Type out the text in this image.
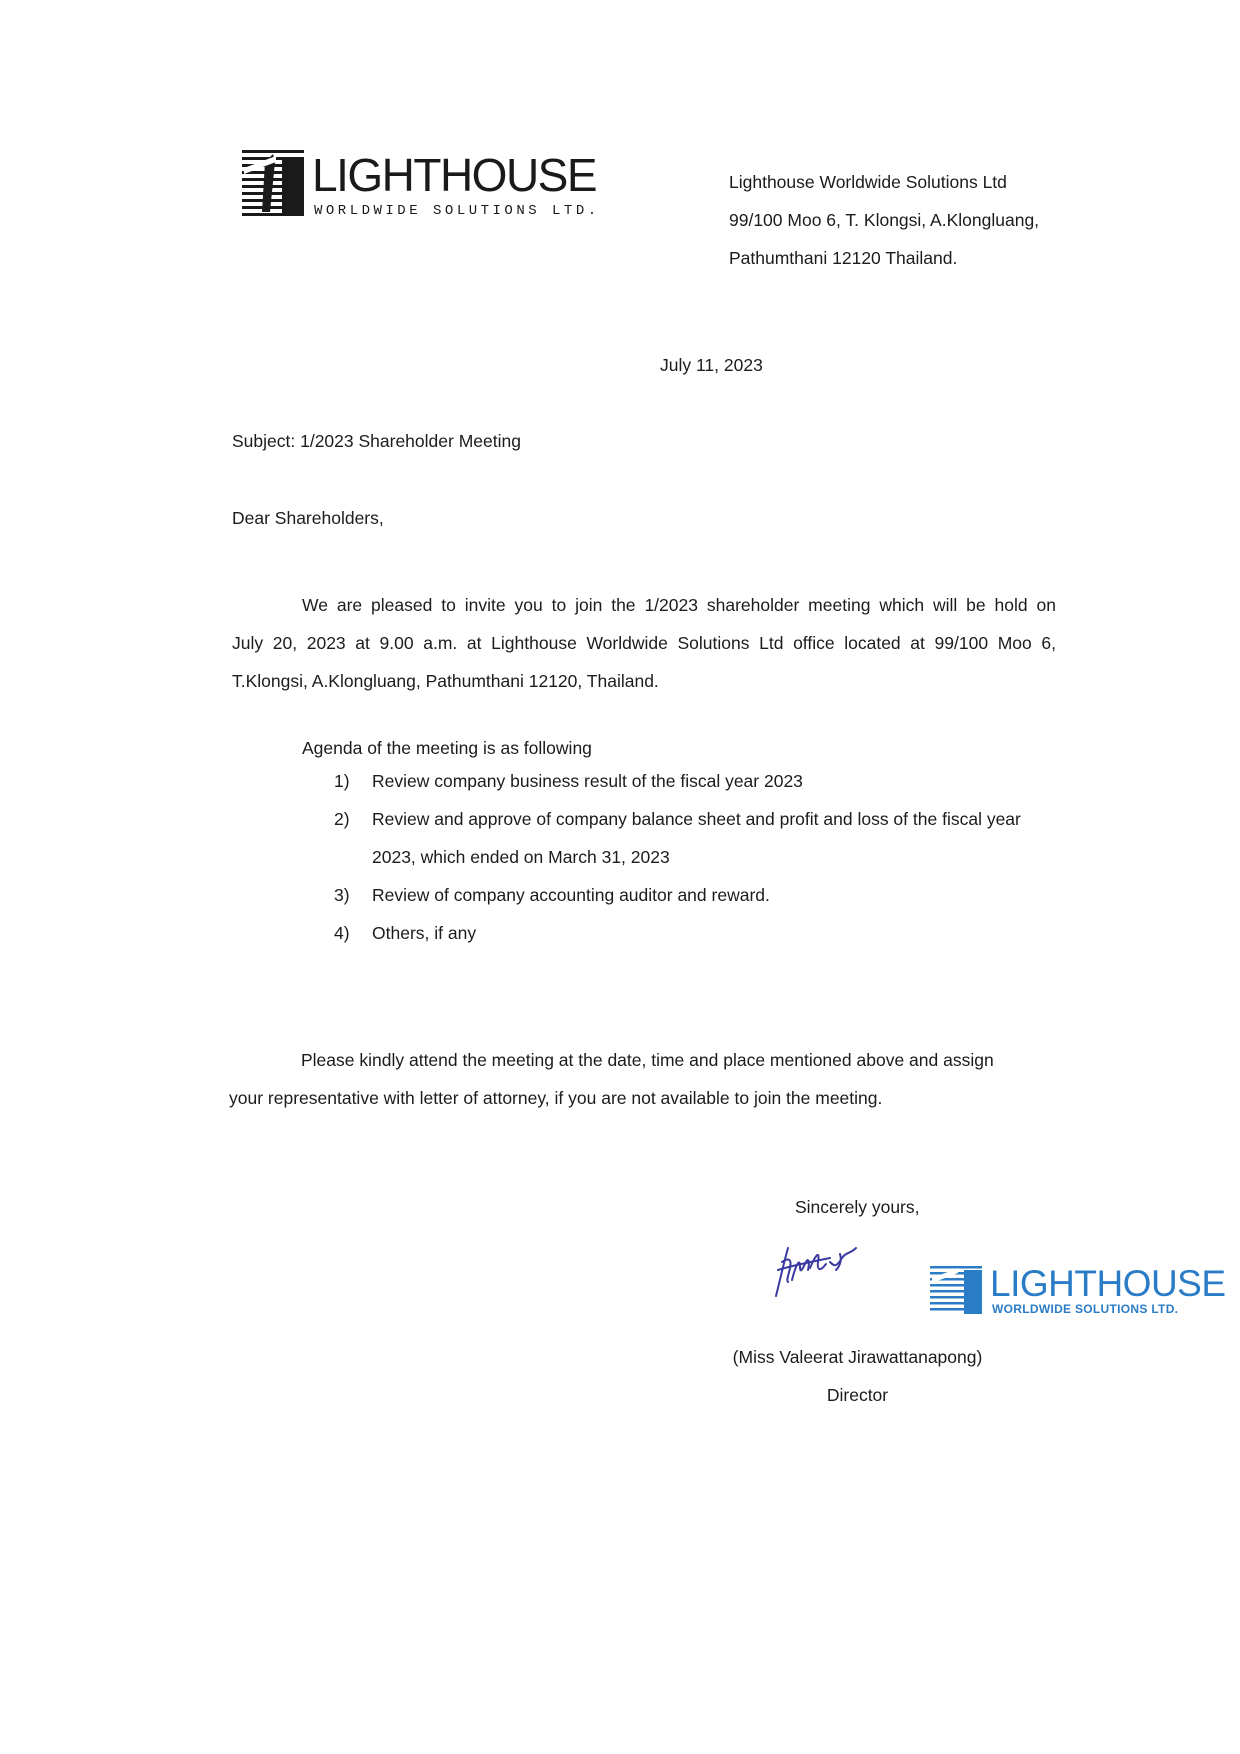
LIGHTHOUSE
WORLDWIDE SOLUTIONS LTD.
Lighthouse Worldwide Solutions Ltd
99/100 Moo 6, T. Klongsi, A.Klongluang,
Pathumthani 12120 Thailand.
July 11, 2023
Subject: 1/2023 Shareholder Meeting
Dear Shareholders,
We are pleased to invite you to join the 1/2023 shareholder meeting which will be hold on
July 20, 2023 at 9.00 a.m. at Lighthouse Worldwide Solutions Ltd office located at 99/100 Moo 6,
T.Klongsi, A.Klongluang, Pathumthani 12120, Thailand.
Agenda of the meeting is as following
1)	Review company business result of the fiscal year 2023
2)	Review and approve of company balance sheet and profit and loss of the fiscal year
2023, which ended on March 31, 2023
3)	Review of company accounting auditor and reward.
4)	Others, if any
Please kindly attend the meeting at the date, time and place mentioned above and assign
your representative with letter of attorney, if you are not available to join the meeting.
Sincerely yours,
LIGHTHOUSE
WORLDWIDE SOLUTIONS LTD.
(Miss Valeerat Jirawattanapong)
Director
